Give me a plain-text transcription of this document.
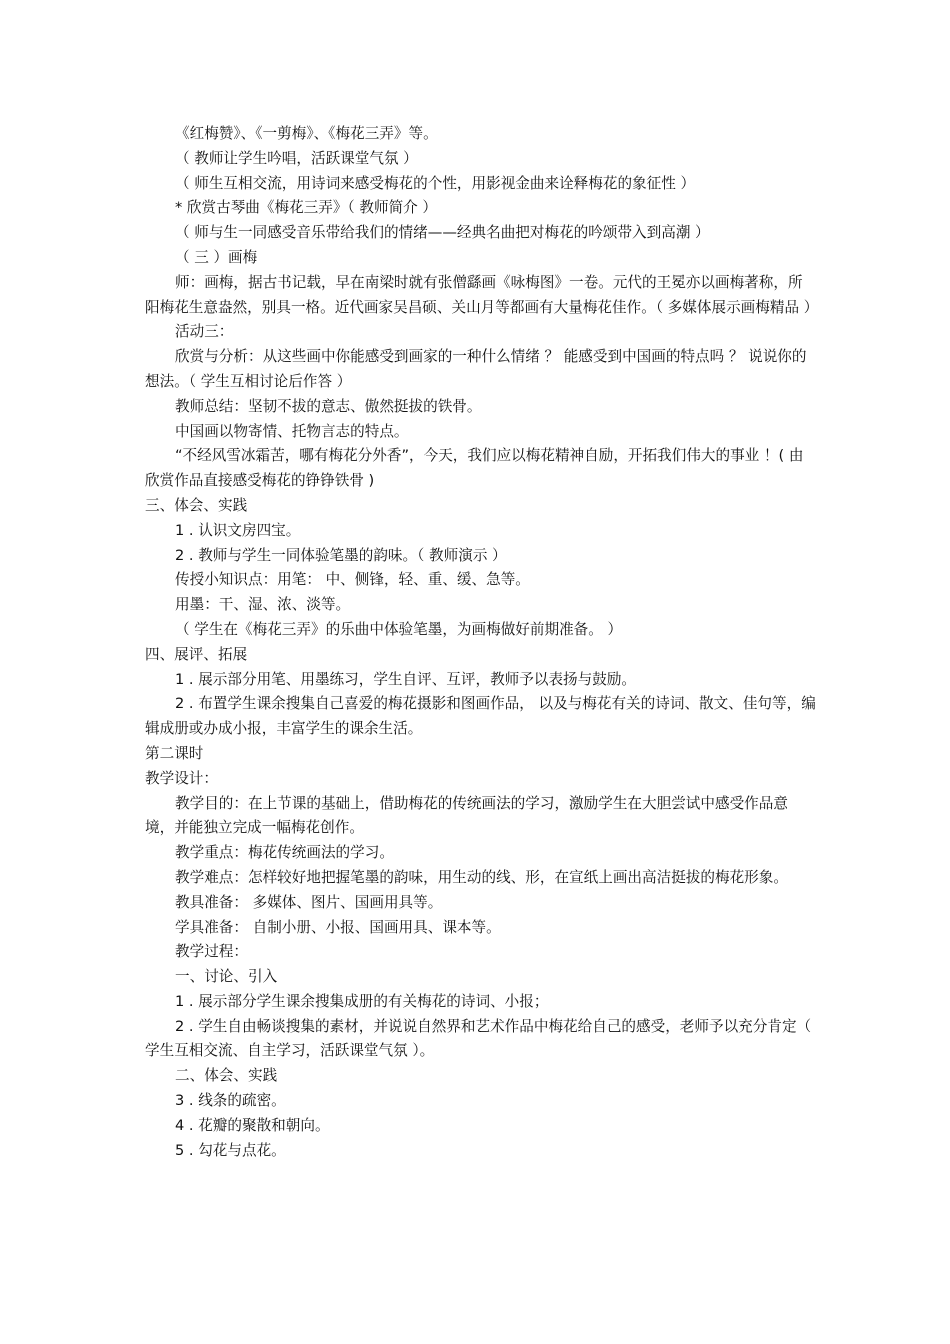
《红梅赞》、《一剪梅》、《梅花三弄》等。

（ 教师让学生吟唱，活跃课堂气氛 ）

（ 师生互相交流，用诗词来感受梅花的个性，用影视金曲来诠释梅花的象征性 ）

* 欣赏古琴曲《梅花三弄》（ 教师简介 ）

（ 师与生一同感受音乐带给我们的情绪——经典名曲把对梅花的吟颂带入到高潮 ）

（ 三 ）画梅

师：画梅，据古书记载，早在南梁时就有张僧繇画《咏梅图》一卷。元代的王冕亦以画梅著称，所阳梅花生意盎然，别具一格。近代画家吴昌硕、关山月等都画有大量梅花佳作。（ 多媒体展示画梅精品 ）

活动三：

欣赏与分析：从这些画中你能感受到画家的一种什么情绪 ？ 能感受到中国画的特点吗 ？ 说说你的想法。（ 学生互相讨论后作答 ）

教师总结：坚韧不拔的意志、傲然挺拔的铁骨。

中国画以物寄情、托物言志的特点。

“不经风雪冰霜苦，哪有梅花分外香”，今天，我们应以梅花精神自励，开拓我们伟大的事业 ！( 由欣赏作品直接感受梅花的铮铮铁骨 )

三、体会、实践

1 . 认识文房四宝。

2 . 教师与学生一同体验笔墨的韵味。（ 教师演示 ）

传授小知识点：用笔： 中、侧锋，轻、重、缓、急等。

用墨：干、湿、浓、淡等。

（ 学生在《梅花三弄》的乐曲中体验笔墨，为画梅做好前期准备。 ）

四、展评、拓展

1 . 展示部分用笔、用墨练习，学生自评、互评，教师予以表扬与鼓励。

2 . 布置学生课余搜集自己喜爱的梅花摄影和图画作品， 以及与梅花有关的诗词、散文、佳句等，编辑成册或办成小报，丰富学生的课余生活。

第二课时

教学设计：

教学目的：在上节课的基础上，借助梅花的传统画法的学习，激励学生在大胆尝试中感受作品意境，并能独立完成一幅梅花创作。

教学重点：梅花传统画法的学习。

教学难点：怎样较好地把握笔墨的韵味，用生动的线、形，在宣纸上画出高洁挺拔的梅花形象。

教具准备： 多媒体、图片、国画用具等。

学具准备： 自制小册、小报、国画用具、课本等。

教学过程：

一、讨论、引入

1 . 展示部分学生课余搜集成册的有关梅花的诗词、小报；

2 . 学生自由畅谈搜集的素材，并说说自然界和艺术作品中梅花给自己的感受，老师予以充分肯定（ 学生互相交流、自主学习，活跃课堂气氛 ）。

二、体会、实践

3 . 线条的疏密。

4 . 花瓣的聚散和朝向。

5 . 勾花与点花。
